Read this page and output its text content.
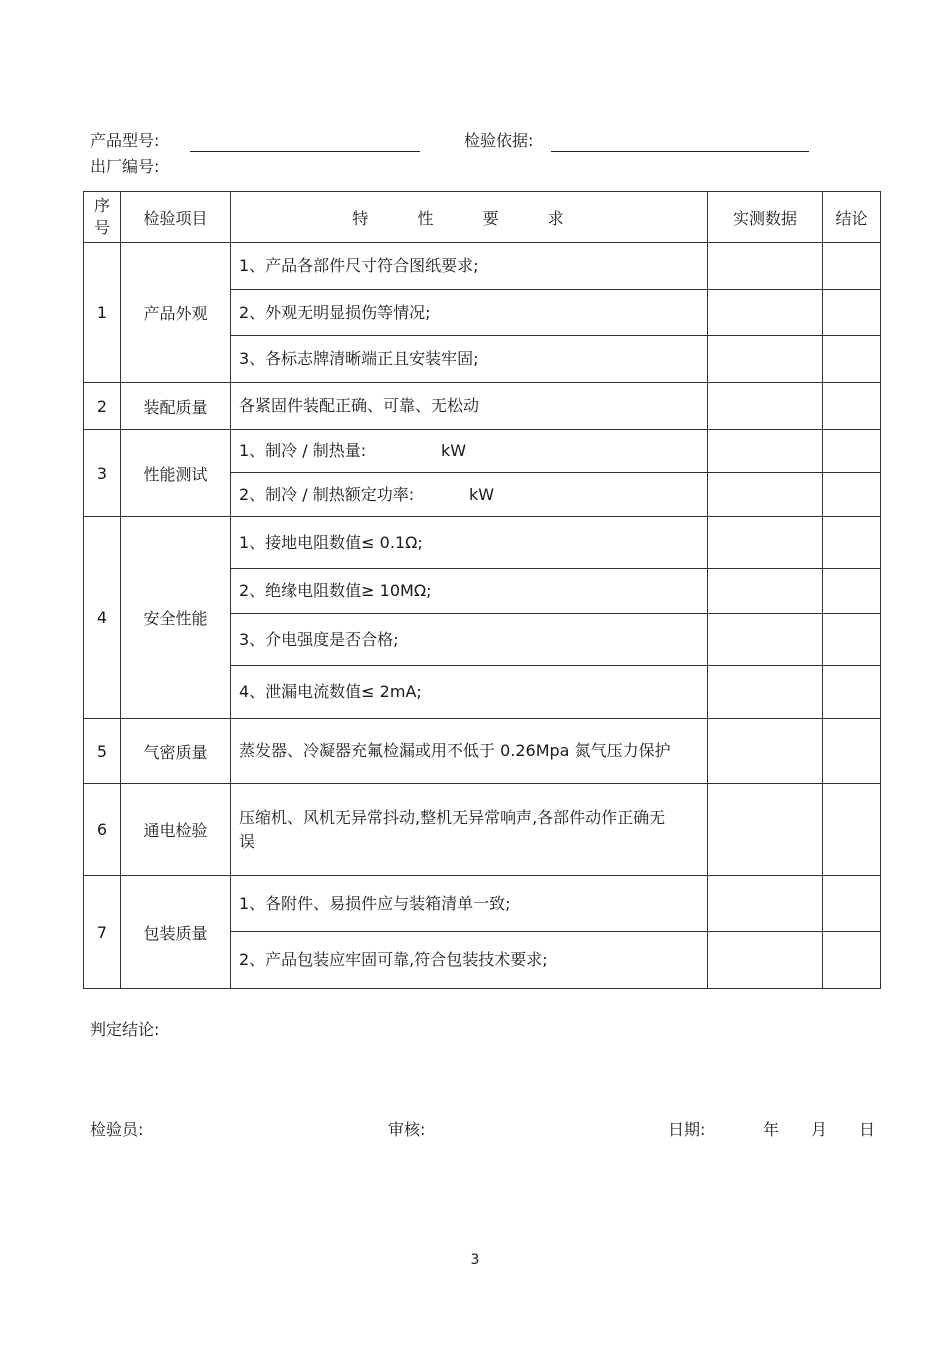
产品型号:	检验依据:
出厂编号:
序
号	检验项目	特 性 要 求	实测数据	结论
1	产品外观	1、产品各部件尺寸符合图纸要求;		
		2、外观无明显损伤等情况;		
		3、各标志牌清晰端正且安装牢固;		
2	装配质量	各紧固件装配正确、可靠、无松动		
3	性能测试	1、制冷 / 制热量: kW		

		2、制冷 / 制热额定功率: kW		

4	安全性能	1、接地电阻数值≤ 0.1Ω;		
		2、绝缘电阻数值≥ 10MΩ;		
		3、介电强度是否合格;		
		4、泄漏电流数值≤ 2mA;		
5	气密质量	蒸发器、冷凝器充氟检漏或用不低于 0.26Mpa 氮气压力保护		
6	通电检验	压缩机、风机无异常抖动,整机无异常响声,各部件动作正确无误		
7	包装质量	1、各附件、易损件应与装箱清单一致;		
		2、产品包装应牢固可靠,符合包装技术要求;		
判定结论:
检验员:	审核:	日期:	年 月 日
3
